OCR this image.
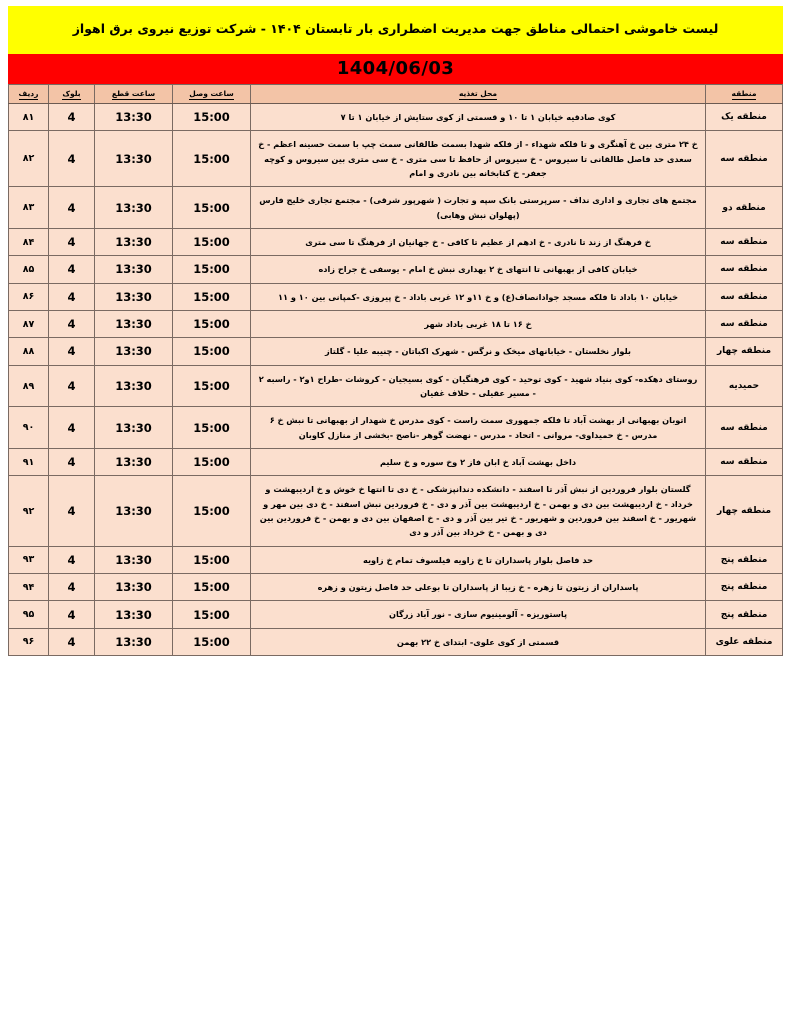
لیست خاموشی احتمالی مناطق جهت مدیریت اضطراری بار تابستان ۱۴۰۴ - شرکت توزیع نیروی برق اهواز
1404/06/03
منطقه	محل تغذیه	ساعت وصل	ساعت قطع	بلوک	ردیف
منطقه یک	کوی صادقیه خیابان ۱ تا ۱۰ و قسمتی از کوی ستایش از خیابان ۱ تا ۷	15:00	13:30	4	۸۱
منطقه سه	خ ۲۴ متری بین خ آهنگری و تا فلکه شهداء - از فلکه شهدا بسمت طالقانی سمت چپ با سمت حسینه اعظم - خ سعدی حد فاصل طالقانی تا سیروس - خ سیروس از حافظ تا سی متری - خ سی متری بین سیروس و کوچه جعفر- خ کتابخانه بین نادری و امام	15:00	13:30	4	۸۲
منطقه دو	مجتمع های تجاری و اداری نداف - سرپرستی بانک سپه و تجارت ( شهرپور شرقی) - مجتمع تجاری خلیج فارس (پهلوان نبش وهابی)	15:00	13:30	4	۸۳
منطقه سه	خ فرهنگ از زند تا نادری - خ ادهم از عظیم تا کافی - خ جهانیان از فرهنگ تا سی متری	15:00	13:30	4	۸۴
منطقه سه	خیابان کافی از بهبهانی تا انتهای خ ۲ بهداری نبش خ امام - یوسفی خ جراح زاده	15:00	13:30	4	۸۵
منطقه سه	خیابان ۱۰ باداد تا فلکه مسجد جوادانصاف(ع) و خ ۱۱و ۱۲ غربی باداد - خ پیروزی -کمپانی بین ۱۰ و ۱۱	15:00	13:30	4	۸۶
منطقه سه	خ ۱۶ تا ۱۸ غربی باداد شهر	15:00	13:30	4	۸۷
منطقه چهار	بلوار نخلستان - خیابانهای میخک و نرگس - شهرک اکباتان - چنیبه علیا - گلتاز	15:00	13:30	4	۸۸
حمیدیه	روستای دهکده- کوی بنیاد شهید - کوی توحید - کوی فرهنگیان - کوی بسیجیان - کروشات -طراح ۱و۲ - راسبه ۲ - مسیر عقیلی - حلاف غفیان	15:00	13:30	4	۸۹
منطقه سه	اتوبان بهبهانی از بهشت آباد تا فلکه جمهوری سمت راست - کوی مدرس خ شهدار از بهبهانی تا نبش خ ۶ مدرس - خ حمیداوی- مروانی - اتحاد - مدرس - نهضت گوهر -ناصح -بخشی از منازل کاوبان	15:00	13:30	4	۹۰
منطقه سه	داخل بهشت آباد خ ابان فاز ۲ وخ سوره و خ سلیم	15:00	13:30	4	۹۱
منطقه چهار	گلستان بلوار فروردین از نبش آذر تا اسفند - دانشکده دندانپزشکی - خ دی تا انتها خ خوش و خ اردیبهشت و خرداد - خ اردیبهشت بین دی و بهمن - خ اردیبهشت بین آذر و دی - خ فروردین نبش اسفند - خ دی بین مهر و شهریور - خ اسفند بین فروردین و شهریور - خ تیر بین آذر و دی - خ اصفهان بین دی و بهمن - خ فروردین بین دی و بهمن - خ خرداد بین آذر و دی	15:00	13:30	4	۹۲
منطقه پنج	حد فاصل بلوار پاسداران تا خ زاویه فیلسوف تمام خ زاویه	15:00	13:30	4	۹۳
منطقه پنج	پاسداران از زیتون تا زهره - خ زیبا از پاسداران تا بوعلی حد فاصل زیتون و زهره	15:00	13:30	4	۹۴
منطقه پنج	پاستوریزه - آلومینیوم سازی - نور آباد زرگان	15:00	13:30	4	۹۵
منطقه علوی	قسمتی از کوی علوی- ابتدای خ ۲۲ بهمن	15:00	13:30	4	۹۶
